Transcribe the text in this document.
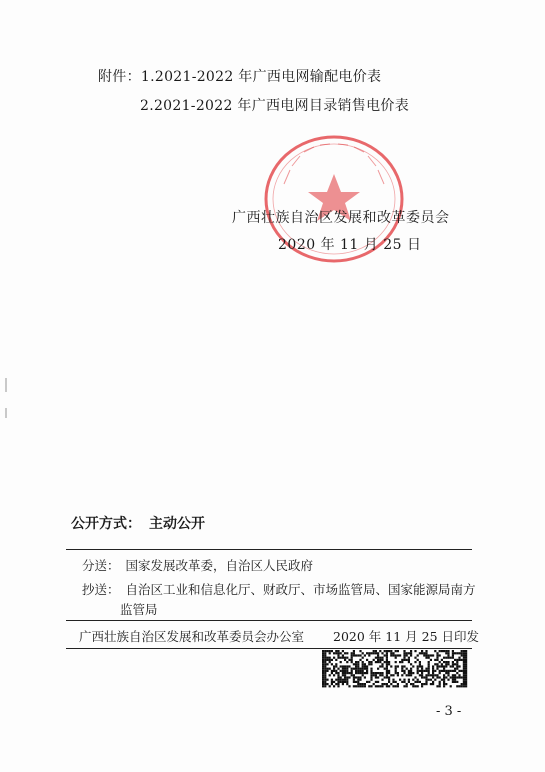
附件：1.2021-2022 年广西电网输配电价表
2.2021-2022 年广西电网目录销售电价表
广西壮族自治区发展和改革委员会
2020 年 11 月 25 日
公开方式： 主动公开
分送： 国家发展改革委，自治区人民政府
抄送： 自治区工业和信息化厅、财政厅、市场监管局、国家能源局南方
监管局
广西壮族自治区发展和改革委员会办公室 2020 年 11 月 25 日印发
- 3 -
